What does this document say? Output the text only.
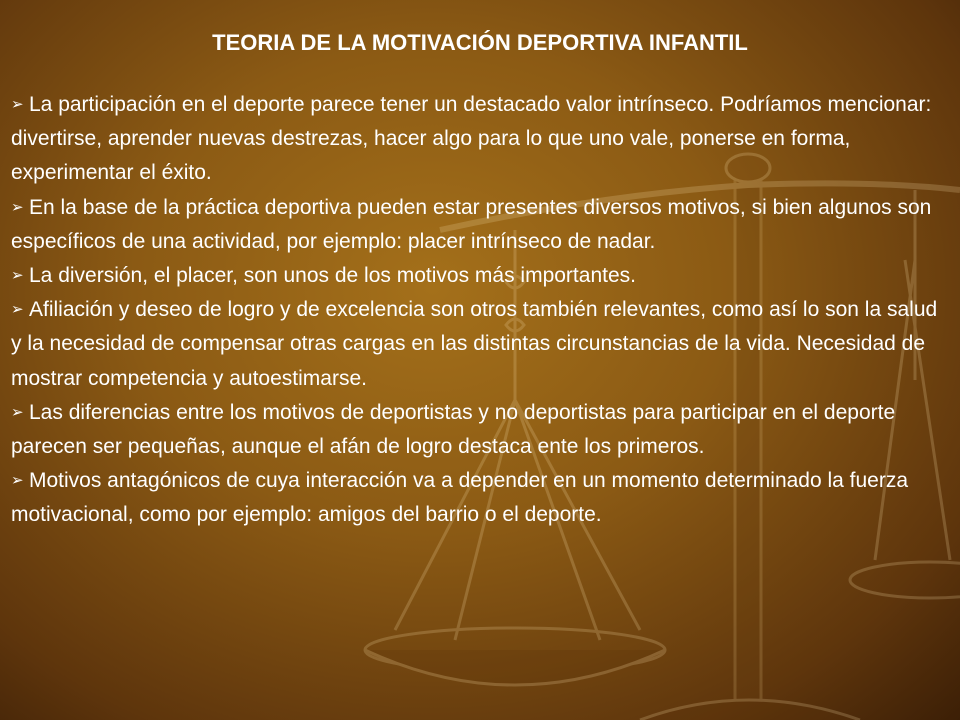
TEORIA DE LA MOTIVACIÓN DEPORTIVA INFANTIL

➢ La participación en el deporte parece tener un destacado valor intrínseco. Podríamos mencionar: divertirse, aprender nuevas destrezas, hacer algo para lo que uno vale, ponerse en forma, experimentar el éxito.

➢ En la base de la práctica deportiva pueden estar presentes diversos motivos, si bien algunos son específicos de una actividad, por ejemplo: placer intrínseco de nadar.

➢ La diversión, el placer, son unos de los motivos más importantes.

➢ Afiliación y deseo de logro y de excelencia son otros también relevantes, como así lo son la salud y la necesidad de compensar otras cargas en las distintas circunstancias de la vida. Necesidad de mostrar competencia y autoestimarse.

➢ Las diferencias entre los motivos de deportistas y no deportistas para participar en el deporte parecen ser pequeñas, aunque el afán de logro destaca ente los primeros.

➢ Motivos antagónicos de cuya interacción va a depender en un momento determinado la fuerza motivacional, como por ejemplo: amigos del barrio o el deporte.
